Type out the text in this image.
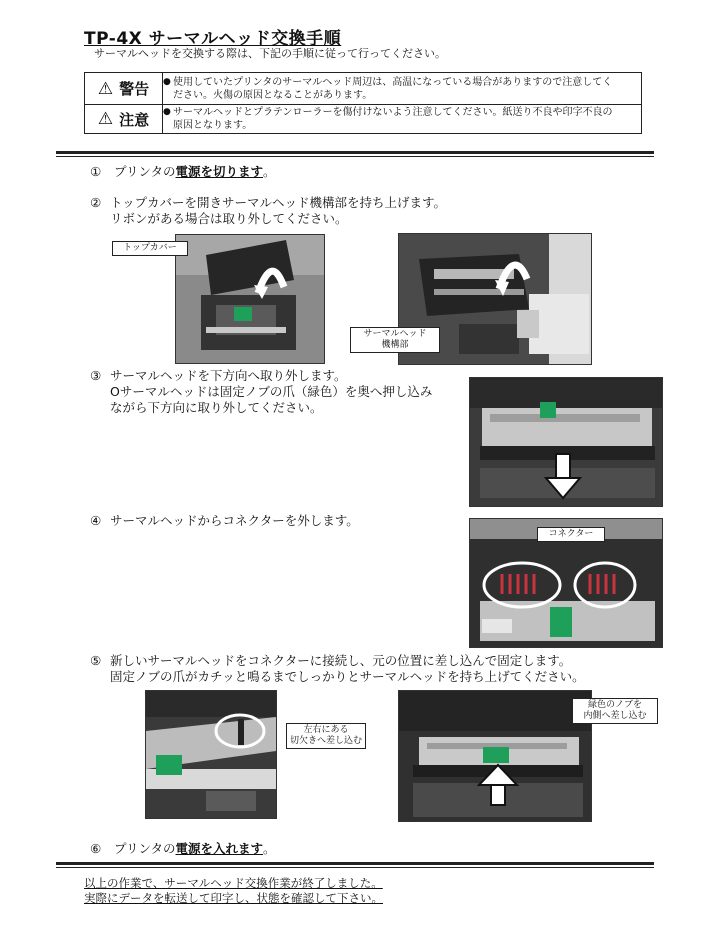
TP-4X サーマルヘッド交換手順
サーマルヘッドを交換する際は、下記の手順に従って行ってください。
⚠ 警告 ● 使用していたプリンタのサーマルヘッド周辺は、高温になっている場合がありますので注意してく
ださい。火傷の原因となることがあります。
⚠ 注意 ● サーマルヘッドとプラテンローラーを傷付けないよう注意してください。紙送り不良や印字不良の
原因となります。
① プリンタの電源を切ります。
② トップカバーを開きサーマルヘッド機構部を持ち上げます。
リボンがある場合は取り外してください。
トップカバー
サーマルヘッド
機構部
③ サーマルヘッドを下方向へ取り外します。
Oサーマルヘッドは固定ノブの爪（緑色）を奥へ押し込み
ながら下方向に取り外してください。
④ サーマルヘッドからコネクターを外します。
コネクター
⑤ 新しいサーマルヘッドをコネクターに接続し、元の位置に差し込んで固定します。
固定ノブの爪がカチッと鳴るまでしっかりとサーマルヘッドを持ち上げてください。
左右にある
切欠きへ差し込む
緑色のノブを
内側へ差し込む
⑥ プリンタの電源を入れます。
以上の作業で、サーマルヘッド交換作業が終了しました。
実際にデータを転送して印字し、状態を確認して下さい。
